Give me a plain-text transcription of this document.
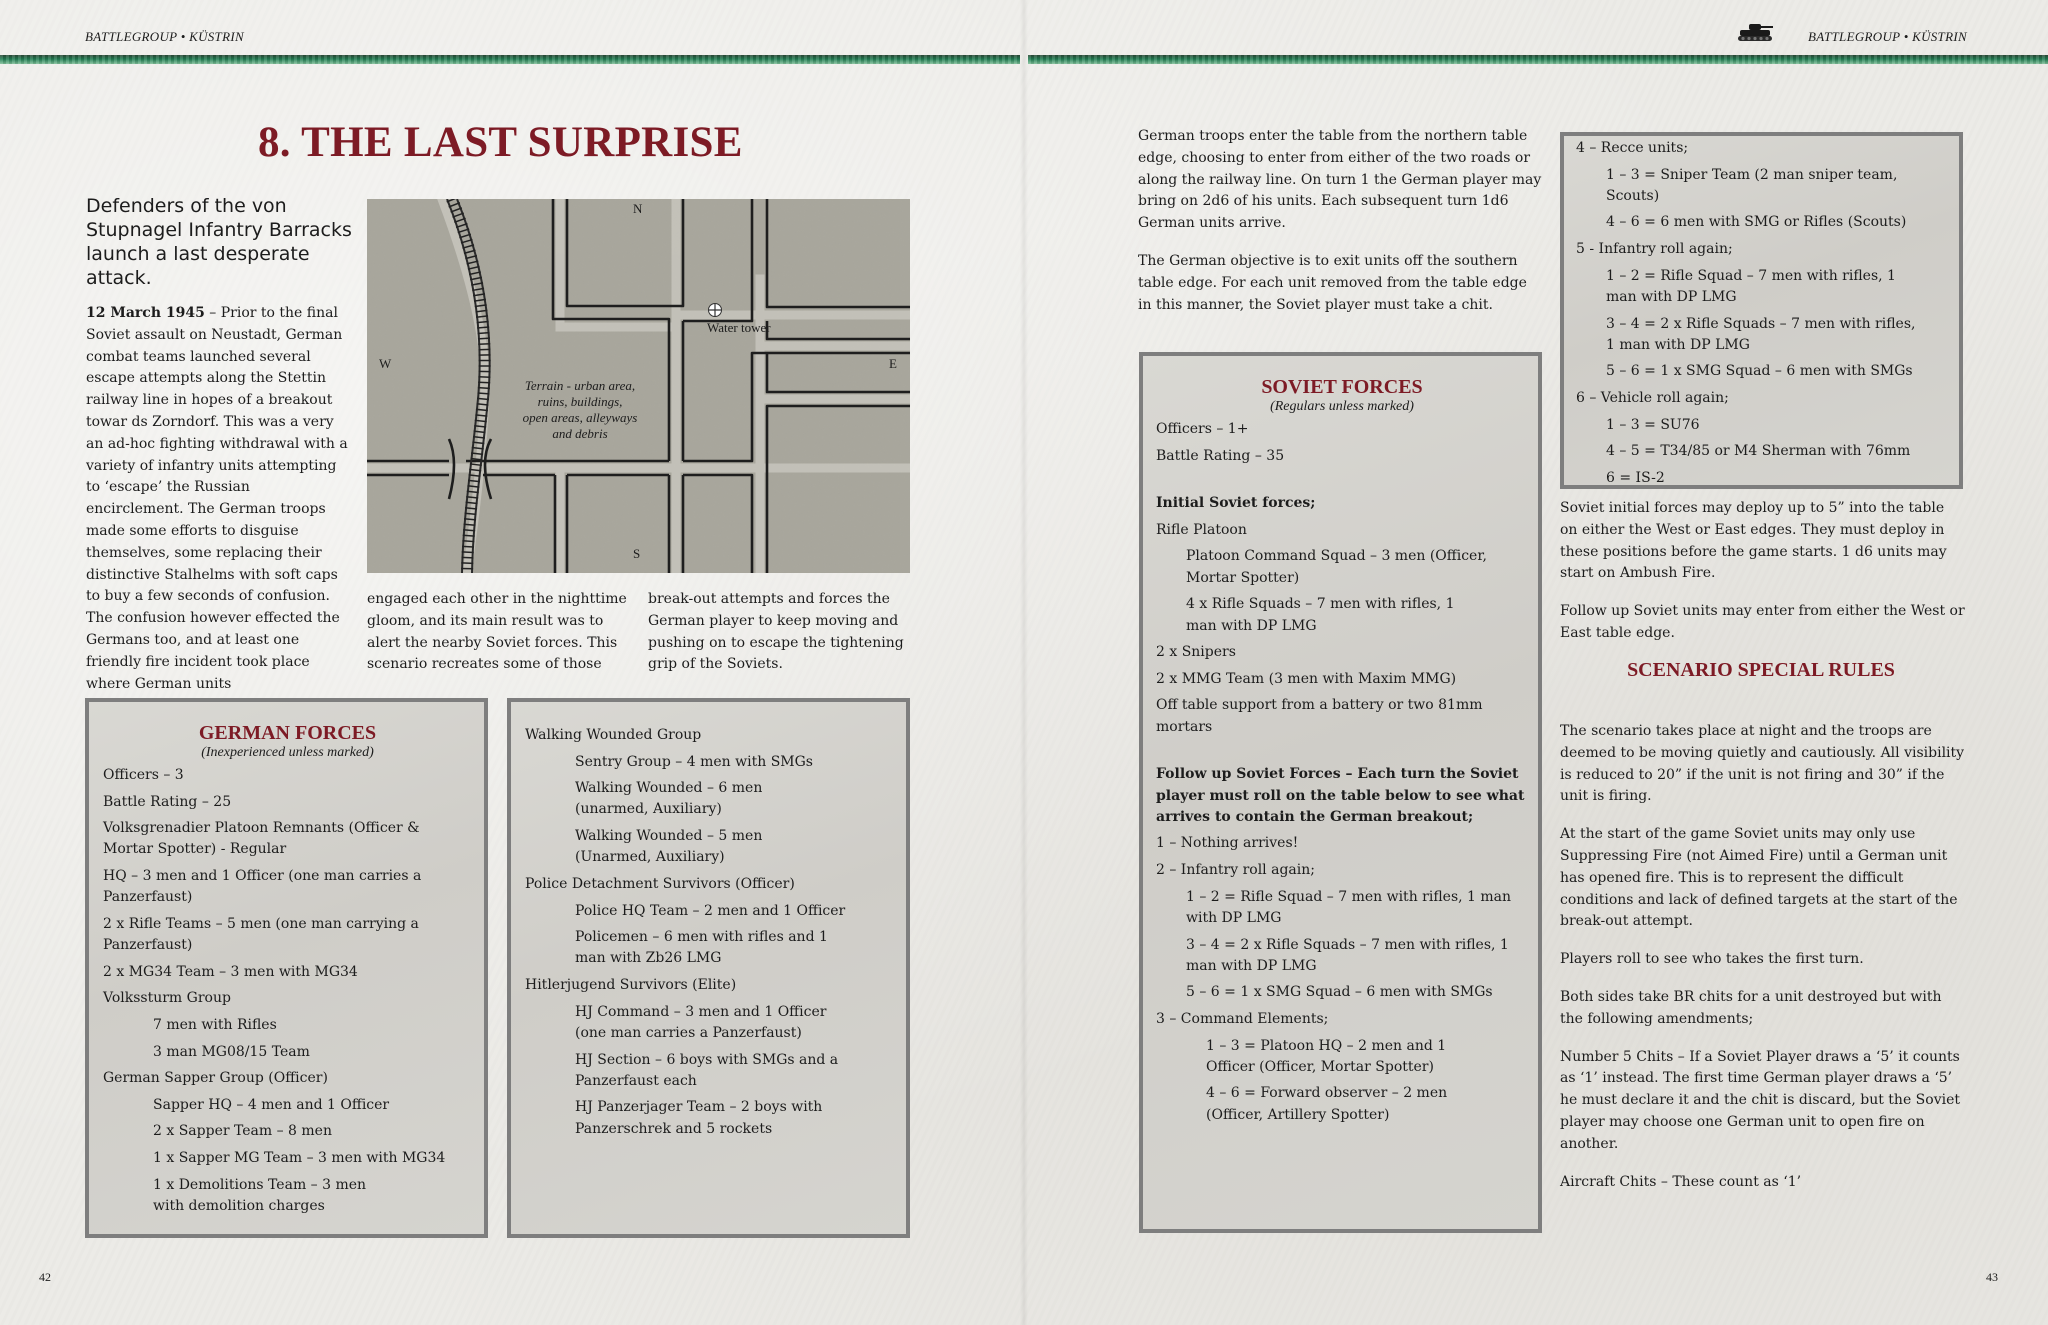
BATTLEGROUP • KÜSTRIN	BATTLEGROUP • KÜSTRIN
8. THE LAST SURPRISE

Defenders of the von Stupnagel Infantry Barracks launch a last desperate attack.

12 March 1945 – Prior to the final Soviet assault on Neustadt, German combat teams launched several escape attempts along the Stettin railway line in hopes of a breakout towar ds Zorndorf. This was a very an ad-hoc fighting withdrawal with a variety of infantry units attempting to ‘escape’ the Russian encirclement. The German troops made some efforts to disguise themselves, some replacing their distinctive Stalhelms with soft caps to buy a few seconds of confusion. The confusion however effected the Germans too, and at least one friendly fire incident took place where German units

Water tower
Terrain - urban area,
ruins, buildings,
open areas, alleyways
and debris
N
S
W	E

engaged each other in the nighttime gloom, and its main result was to alert the nearby Soviet forces. This scenario recreates some of those

break-out attempts and forces the German player to keep moving and pushing on to escape the tightening grip of the Soviets.

GERMAN FORCES

(Inexperienced unless marked)

Officers – 3

Battle Rating – 25

Volksgrenadier Platoon Remnants (Officer & Mortar Spotter) - Regular

HQ – 3 men and 1 Officer (one man carries a Panzerfaust)

2 x Rifle Teams – 5 men (one man carrying a Panzerfaust)

2 x MG34 Team – 3 men with MG34

Volkssturm Group

7 men with Rifles

3 man MG08/15 Team

German Sapper Group (Officer)

Sapper HQ – 4 men and 1 Officer

2 x Sapper Team – 8 men

1 x Sapper MG Team – 3 men with MG34

1 x Demolitions Team – 3 men with demolition charges

Walking Wounded Group

Sentry Group – 4 men with SMGs

Walking Wounded – 6 men (unarmed, Auxiliary)

Walking Wounded – 5 men (Unarmed, Auxiliary)

Police Detachment Survivors (Officer)

Police HQ Team – 2 men and 1 Officer

Policemen – 6 men with rifles and 1 man with Zb26 LMG

Hitlerjugend Survivors (Elite)

HJ Command – 3 men and 1 Officer (one man carries a Panzerfaust)

HJ Section – 6 boys with SMGs and a Panzerfaust each

HJ Panzerjager Team – 2 boys with Panzerschrek and 5 rockets

German troops enter the table from the northern table edge, choosing to enter from either of the two roads or along the railway line. On turn 1 the German player may bring on 2d6 of his units. Each subsequent turn 1d6 German units arrive.

The German objective is to exit units off the southern table edge. For each unit removed from the table edge in this manner, the Soviet player must take a chit.

SOVIET FORCES

(Regulars unless marked)

Officers – 1+

Battle Rating – 35

Initial Soviet forces;

Rifle Platoon

Platoon Command Squad – 3 men (Officer, Mortar Spotter)

4 x Rifle Squads – 7 men with rifles, 1 man with DP LMG

2 x Snipers

2 x MMG Team (3 men with Maxim MMG)

Off table support from a battery or two 81mm mortars

Follow up Soviet Forces – Each turn the Soviet player must roll on the table below to see what arrives to contain the German breakout;

1 – Nothing arrives!

2 – Infantry roll again;

1 – 2 = Rifle Squad – 7 men with rifles, 1 man with DP LMG

3 – 4 = 2 x Rifle Squads – 7 men with rifles, 1 man with DP LMG

5 – 6 = 1 x SMG Squad – 6 men with SMGs

3 – Command Elements;

1 – 3 = Platoon HQ – 2 men and 1 Officer (Officer, Mortar Spotter)

4 – 6 = Forward observer – 2 men (Officer, Artillery Spotter)

4 – Recce units;

1 – 3 = Sniper Team (2 man sniper team, Scouts)

4 – 6 = 6 men with SMG or Rifles (Scouts)

5 - Infantry roll again;

1 – 2 = Rifle Squad – 7 men with rifles, 1 man with DP LMG

3 – 4 = 2 x Rifle Squads – 7 men with rifles, 1 man with DP LMG

5 – 6 = 1 x SMG Squad – 6 men with SMGs

6 – Vehicle roll again;

1 – 3 = SU76

4 – 5 = T34/85 or M4 Sherman with 76mm

6 = IS-2

Soviet initial forces may deploy up to 5” into the table on either the West or East edges. They must deploy in these positions before the game starts. 1 d6 units may start on Ambush Fire.

Follow up Soviet units may enter from either the West or East table edge.

SCENARIO SPECIAL RULES

The scenario takes place at night and the troops are deemed to be moving quietly and cautiously. All visibility is reduced to 20” if the unit is not firing and 30” if the unit is firing.

At the start of the game Soviet units may only use Suppressing Fire (not Aimed Fire) until a German unit has opened fire. This is to represent the difficult conditions and lack of defined targets at the start of the break-out attempt.

Players roll to see who takes the first turn.

Both sides take BR chits for a unit destroyed but with the following amendments;

Number 5 Chits – If a Soviet Player draws a ‘5’ it counts as ‘1’ instead. The first time German player draws a ‘5’ he must declare it and the chit is discard, but the Soviet player may choose one German unit to open fire on another.

Aircraft Chits – These count as ‘1’

42	43
